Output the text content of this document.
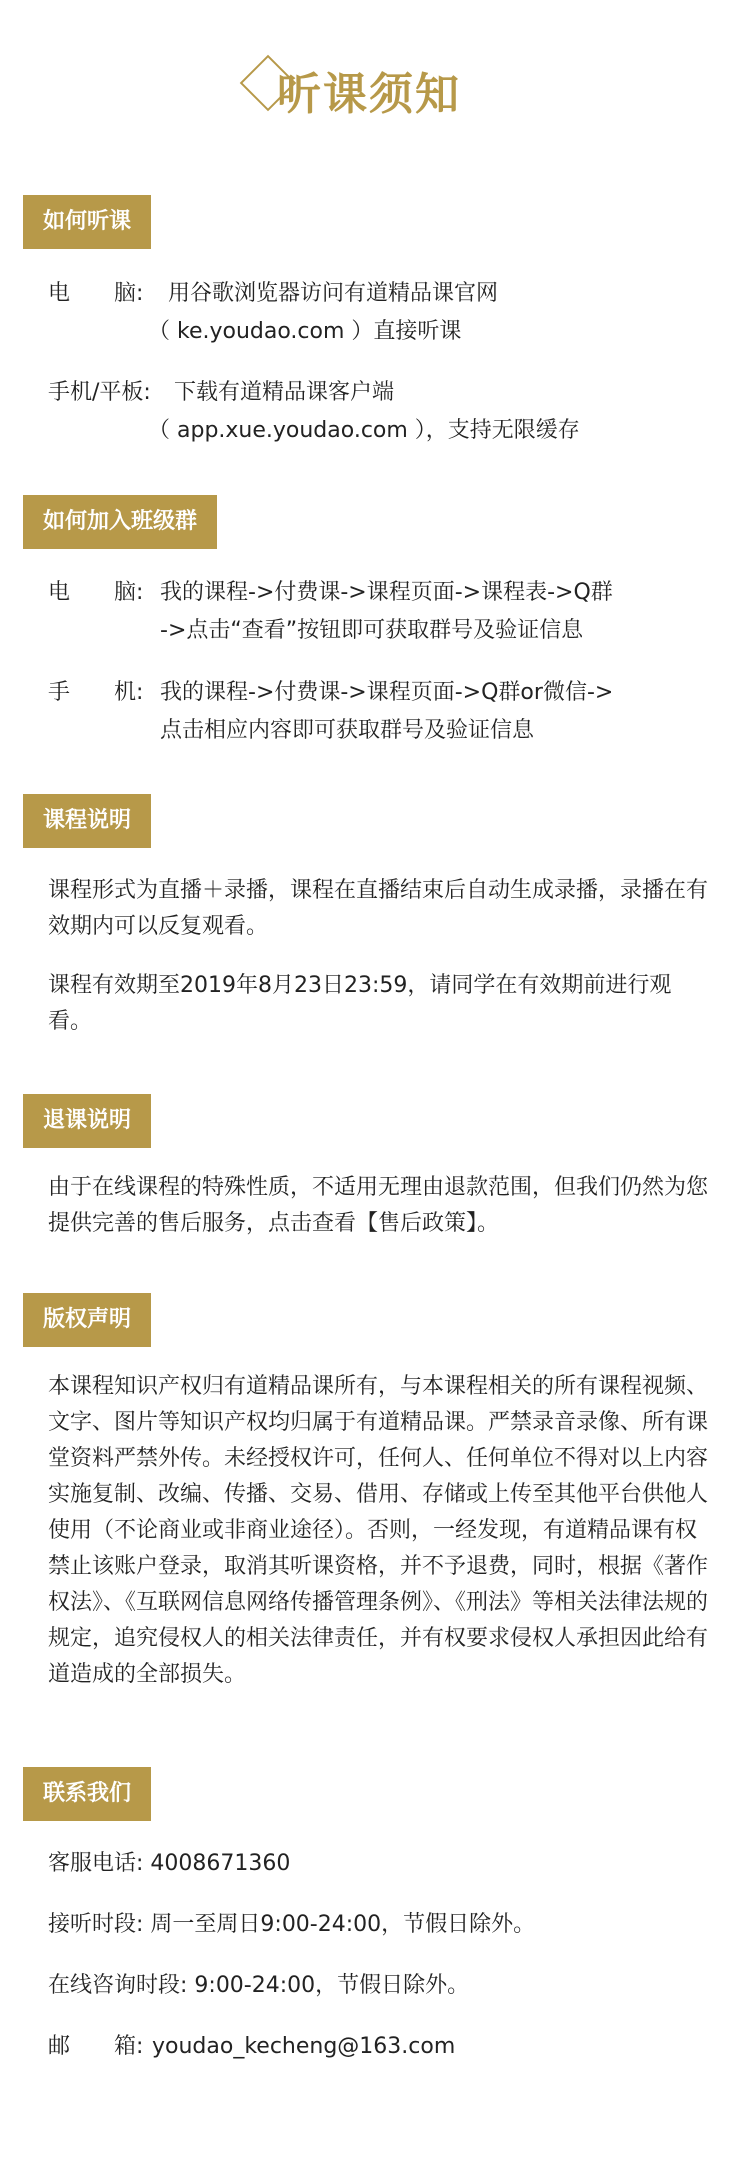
听课须知
如何听课
电　　脑: 用谷歌浏览器访问有道精品课官网
（ ke.youdao.com ）直接听课
手机/平板: 下载有道精品课客户端
（ app.xue.youdao.com ），支持无限缓存
如何加入班级群
电　　脑: 我的课程->付费课->课程页面->课程表->Q群
->点击“查看”按钮即可获取群号及验证信息
手　　机: 我的课程->付费课->课程页面->Q群or微信->
点击相应内容即可获取群号及验证信息
课程说明
课程形式为直播＋录播，课程在直播结束后自动生成录播，录播在有效期内可以反复观看。
课程有效期至2019年8月23日23:59，请同学在有效期前进行观看。
退课说明
由于在线课程的特殊性质，不适用无理由退款范围，但我们仍然为您提供完善的售后服务，点击查看【售后政策】。
版权声明
本课程知识产权归有道精品课所有，与本课程相关的所有课程视频、文字、图片等知识产权均归属于有道精品课。严禁录音录像、所有课堂资料严禁外传。未经授权许可，任何人、任何单位不得对以上内容实施复制、改编、传播、交易、借用、存储或上传至其他平台供他人使用（不论商业或非商业途径）。否则，一经发现，有道精品课有权禁止该账户登录，取消其听课资格，并不予退费，同时，根据《著作权法》、《互联网信息网络传播管理条例》、《刑法》等相关法律法规的规定，追究侵权人的相关法律责任，并有权要求侵权人承担因此给有道造成的全部损失。
联系我们
客服电话: 4008671360
接听时段: 周一至周日9:00-24:00，节假日除外。
在线咨询时段: 9:00-24:00，节假日除外。
邮　　箱: youdao_kecheng@163.com
